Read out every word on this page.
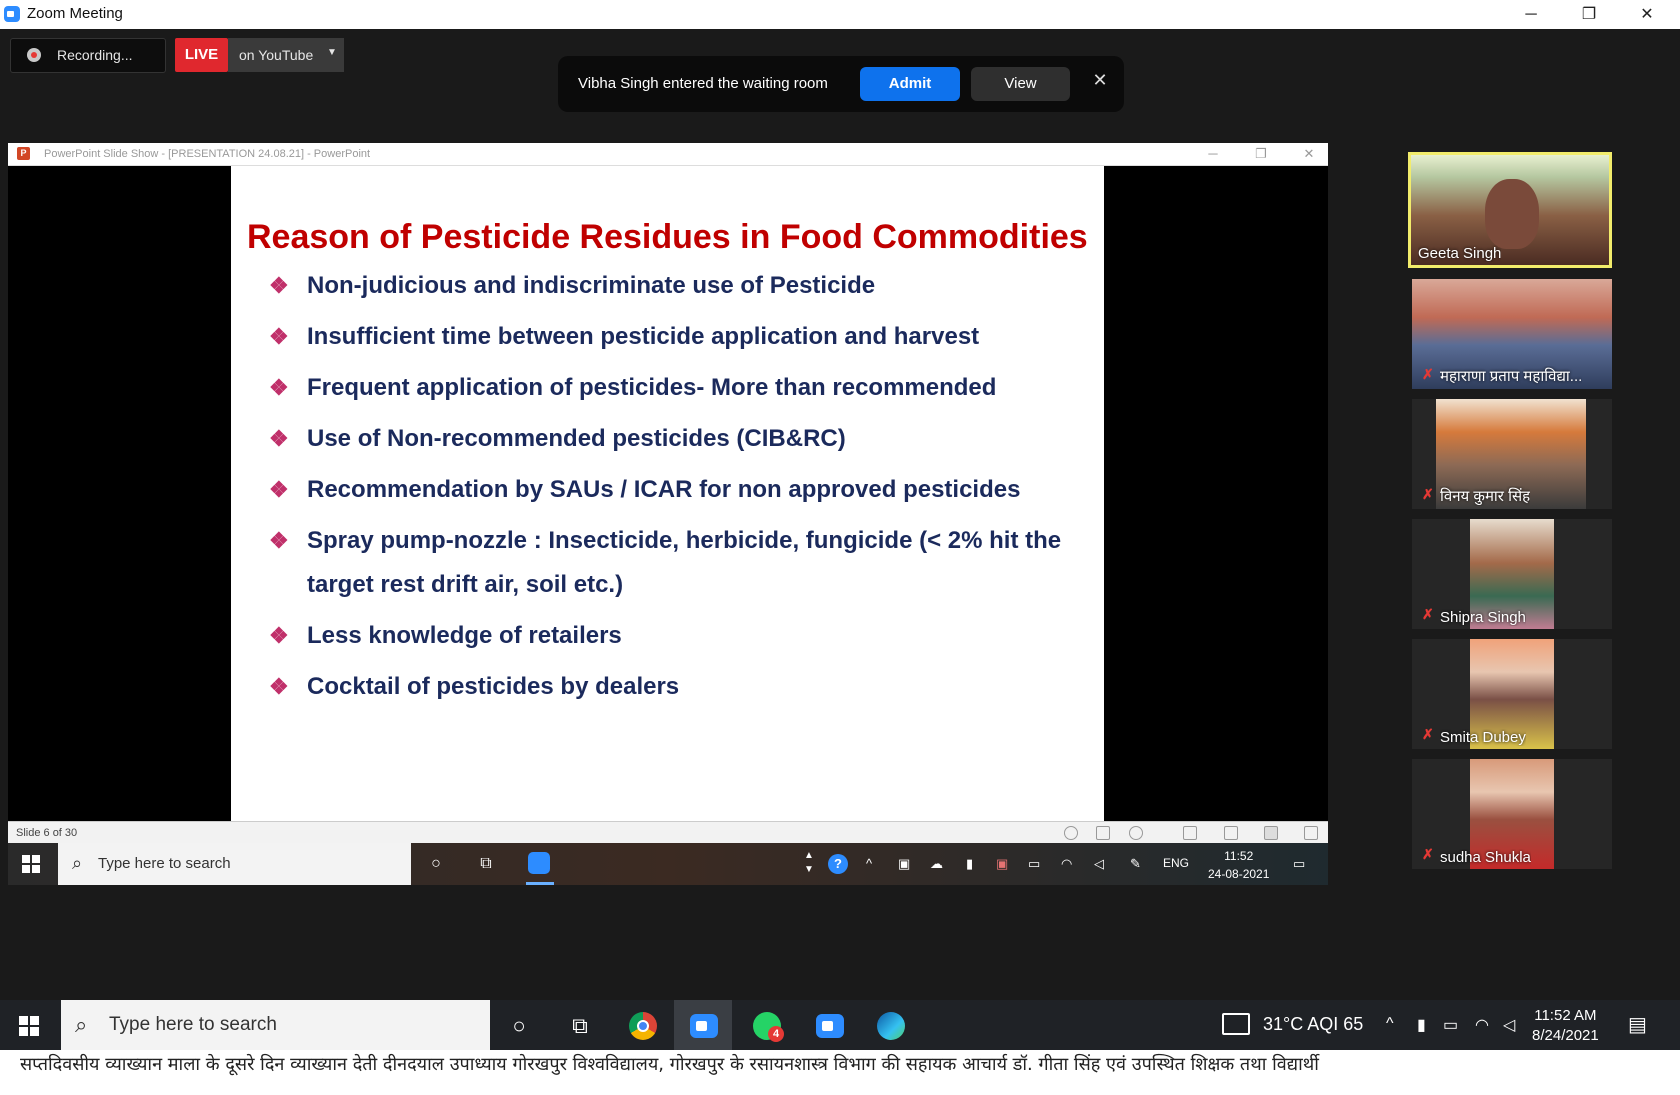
Zoom Meeting	─	❐	✕
Recording...	LIVE	on YouTube ▼
Vibha Singh entered the waiting room	Admit	View	✕
P	PowerPoint Slide Show - [PRESENTATION 24.08.21] - PowerPoint	─	❐	✕
Reason of Pesticide Residues in Food Commodities
❖ Non-judicious and indiscriminate use of Pesticide
❖ Insufficient time between pesticide application and harvest
❖ Frequent application of pesticides- More than recommended
❖ Use of Non-recommended pesticides (CIB&RC)
❖ Recommendation by SAUs / ICAR for non approved pesticides
❖ Spray pump-nozzle : Insecticide, herbicide, fungicide (< 2% hit the target rest drift air, soil etc.)
❖ Less knowledge of retailers
❖ Cocktail of pesticides by dealers
Slide 6 of 30
⌕ Type here to search	○	⧉	▲
▼	?	^ ▣ ☁ ▮ ▣ ▭ ◠ ◁ ✎ ENG	11:52
24-08-2021
▭
Geeta Singh
✗ महाराणा प्रताप महाविद्या...
✗ विनय कुमार सिंह
✗ Shipra Singh
✗ Smita Dubey
✗ sudha Shukla
⌕ Type here to search	○	⧉	4	31°C AQI 65 ^ ▮ ▭ ◠ ◁
11:52 AM
8/24/2021 ▤
सप्तदिवसीय व्याख्यान माला के दूसरे दिन व्याख्यान देती दीनदयाल उपाध्याय गोरखपुर विश्वविद्यालय, गोरखपुर के रसायनशास्त्र विभाग की सहायक आचार्य डॉ. गीता सिंह एवं उपस्थित शिक्षक तथा विद्यार्थी
